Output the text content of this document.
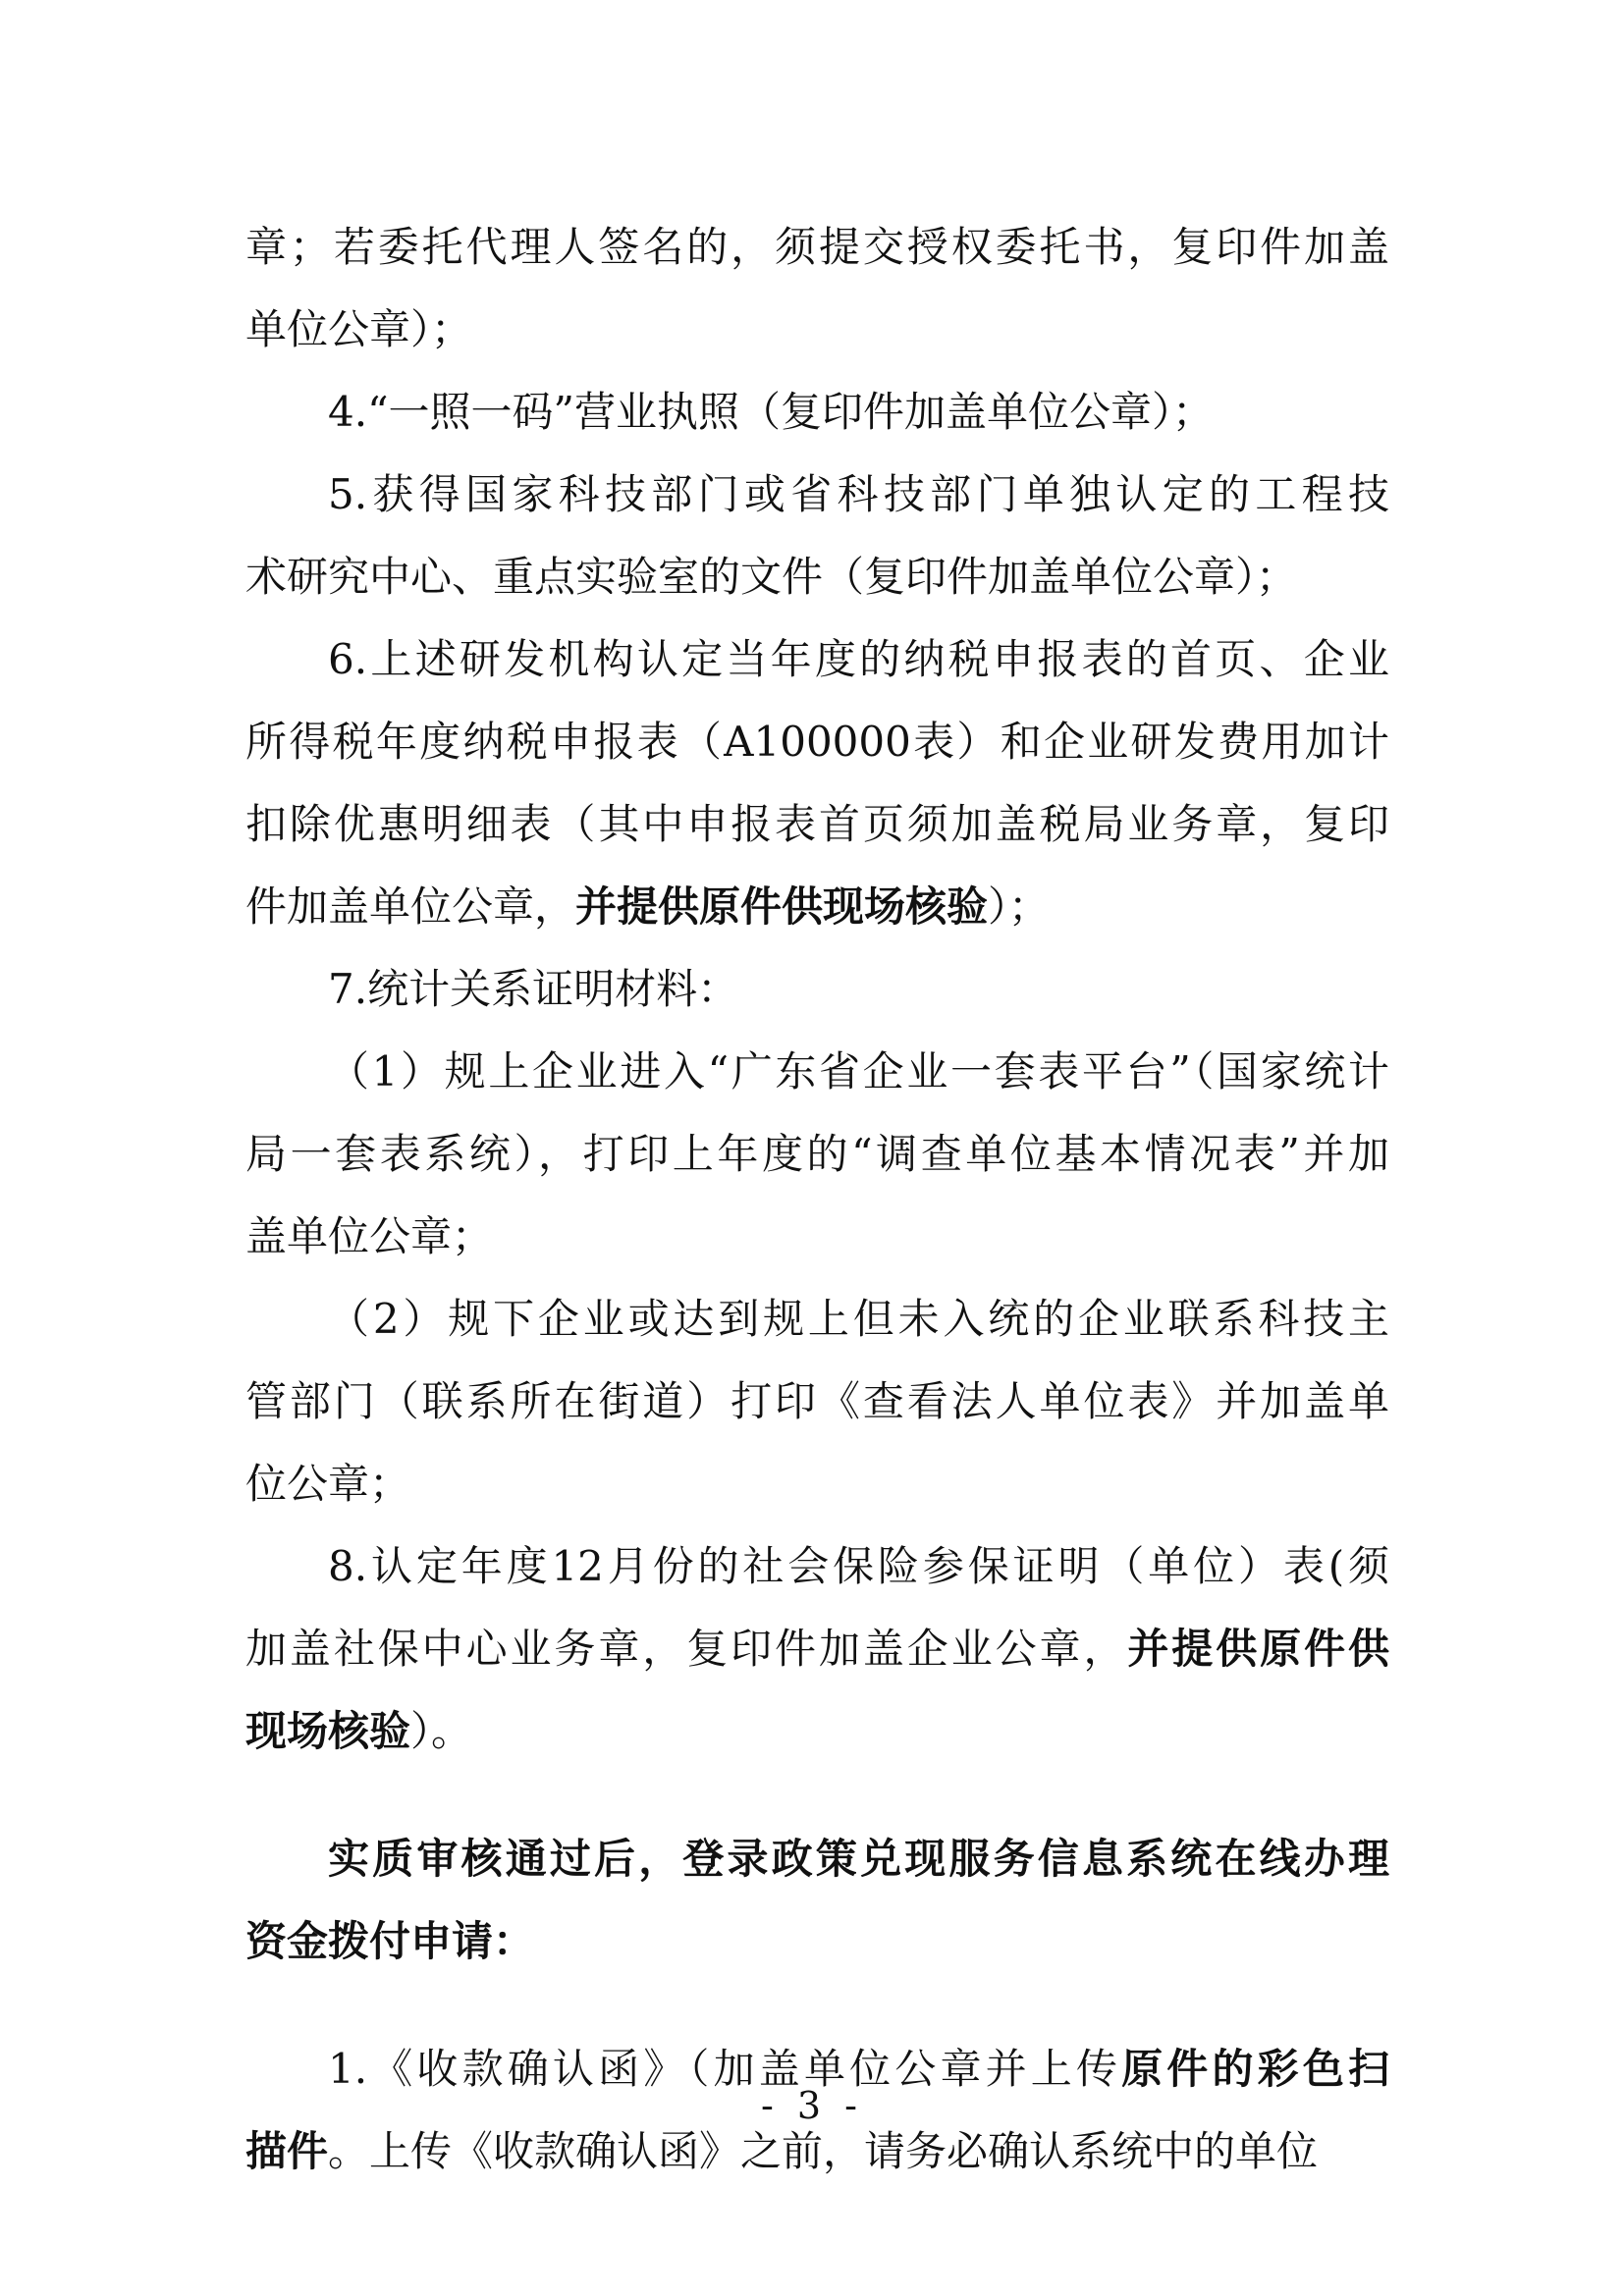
章；若委托代理人签名的，须提交授权委托书，复印件加盖
单位公章）；
4.“一照一码”营业执照（复印件加盖单位公章）；
5.获得国家科技部门或省科技部门单独认定的工程技
术研究中心、重点实验室的文件（复印件加盖单位公章）；
6.上述研发机构认定当年度的纳税申报表的首页、企业
所得税年度纳税申报表（A100000表）和企业研发费用加计
扣除优惠明细表（其中申报表首页须加盖税局业务章，复印
件加盖单位公章，并提供原件供现场核验）；
7.统计关系证明材料：
（1）规上企业进入“广东省企业一套表平台”（国家统计
局一套表系统），打印上年度的“调查单位基本情况表”并加
盖单位公章；
（2）规下企业或达到规上但未入统的企业联系科技主
管部门（联系所在街道）打印《查看法人单位表》并加盖单
位公章；
8.认定年度12月份的社会保险参保证明（单位）表(须
加盖社保中心业务章，复印件加盖企业公章，并提供原件供
现场核验）。
实质审核通过后，登录政策兑现服务信息系统在线办理
资金拨付申请：
1.《收款确认函》（加盖单位公章并上传原件的彩色扫
描件。上传《收款确认函》之前，请务必确认系统中的单位
- 3 -
